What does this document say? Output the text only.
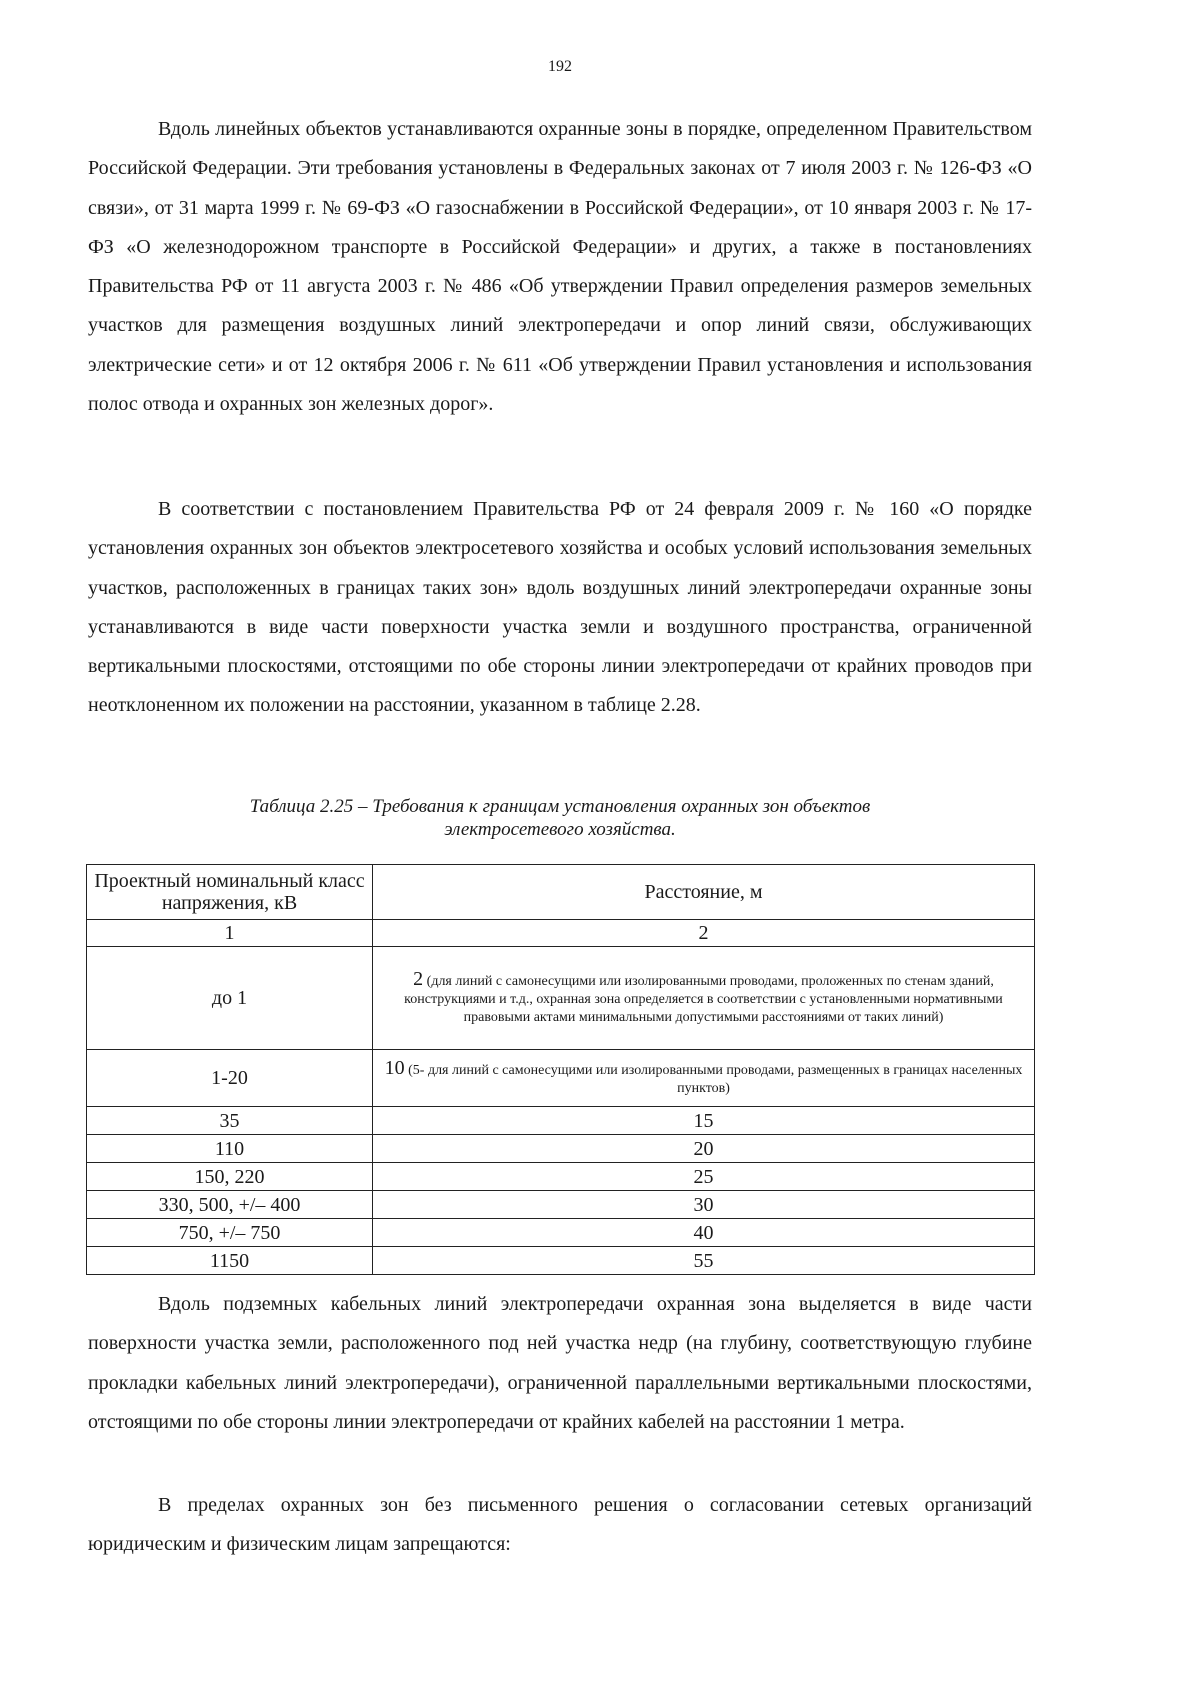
192

Вдоль линейных объектов устанавливаются охранные зоны в порядке, определенном Правительством Российской Федерации. Эти требования установлены в Федеральных законах от 7 июля 2003 г. № 126-ФЗ «О связи», от 31 марта 1999 г. № 69-ФЗ «О газоснабжении в Российской Федерации», от 10 января 2003 г. № 17-ФЗ «О железнодорожном транспорте в Российской Федерации» и других, а также в постановлениях Правительства РФ от 11 августа 2003 г. № 486 «Об утверждении Правил определения размеров земельных участков для размещения воздушных линий электропередачи и опор линий связи, обслуживающих электрические сети» и от 12 октября 2006 г. № 611 «Об утверждении Правил установления и использования полос отвода и охранных зон железных дорог».

В соответствии с постановлением Правительства РФ от 24 февраля 2009 г. № 160 «О порядке установления охранных зон объектов электросетевого хозяйства и особых условий использования земельных участков, расположенных в границах таких зон» вдоль воздушных линий электропередачи охранные зоны устанавливаются в виде части поверхности участка земли и воздушного пространства, ограниченной вертикальными плоскостями, отстоящими по обе стороны линии электропередачи от крайних проводов при неотклоненном их положении на расстоянии, указанном в таблице 2.28.

Таблица 2.25 – Требования к границам установления охранных зон объектов
электросетевого хозяйства.
Проектный номинальный класс напряжения, кВ	Расстояние, м
1	2
до 1	2 (для линий с самонесущими или изолированными проводами, проложенных по стенам зданий, конструкциями и т.д., охранная зона определяется в соответствии с установленными нормативными правовыми актами минимальными допустимыми расстояниями от таких линий)
1-20	10 (5- для линий с самонесущими или изолированными проводами, размещенных в границах населенных пунктов)
35	15
110	20
150, 220	25
330, 500, +/– 400	30
750, +/– 750	40
1150	55

Вдоль подземных кабельных линий электропередачи охранная зона выделяется в виде части поверхности участка земли, расположенного под ней участка недр (на глубину, соответствующую глубине прокладки кабельных линий электропередачи), ограниченной параллельными вертикальными плоскостями, отстоящими по обе стороны линии электропередачи от крайних кабелей на расстоянии 1 метра.

В пределах охранных зон без письменного решения о согласовании сетевых организаций юридическим и физическим лицам запрещаются:
